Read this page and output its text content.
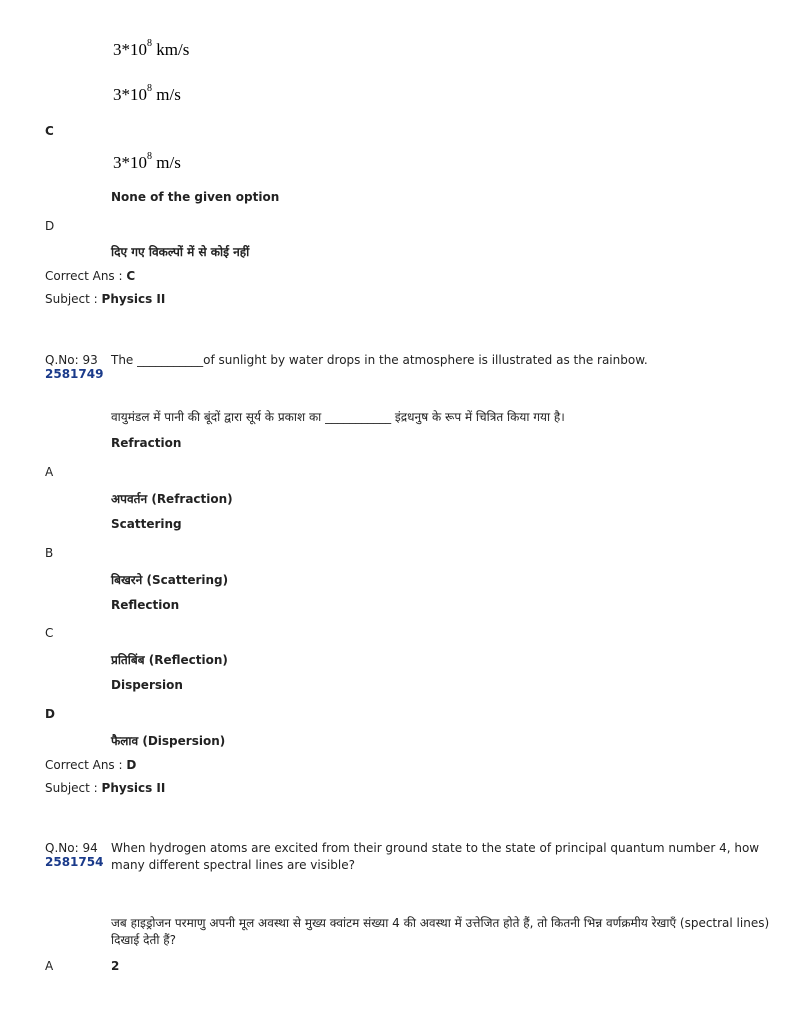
$3*10^8$ km/s
$3*10^8$ m/s
C
$3*10^8$ m/s
None of the given option
D
दिए गए विकल्पों में से कोई नहीं
Correct Ans : C
Subject : Physics II
Q.No: 93
2581749
The ___________of sunlight by water drops in the atmosphere is illustrated as the rainbow.
वायुमंडल में पानी की बूंदों द्वारा सूर्य के प्रकाश का ___________ इंद्रधनुष के रूप में चित्रित किया गया है।
Refraction
A
अपवर्तन (Refraction)
Scattering
B
बिखरने (Scattering)
Reflection
C
प्रतिबिंब (Reflection)
Dispersion
D
फैलाव (Dispersion)
Correct Ans : D
Subject : Physics II
Q.No: 94
2581754
When hydrogen atoms are excited from their ground state to the state of principal quantum number 4, how many different spectral lines are visible?
जब हाइड्रोजन परमाणु अपनी मूल अवस्था से मुख्य क्वांटम संख्या 4 की अवस्था में उत्तेजित होते हैं, तो कितनी भिन्न वर्णक्रमीय रेखाएँ (spectral lines) दिखाई देती हैं?
A	2
